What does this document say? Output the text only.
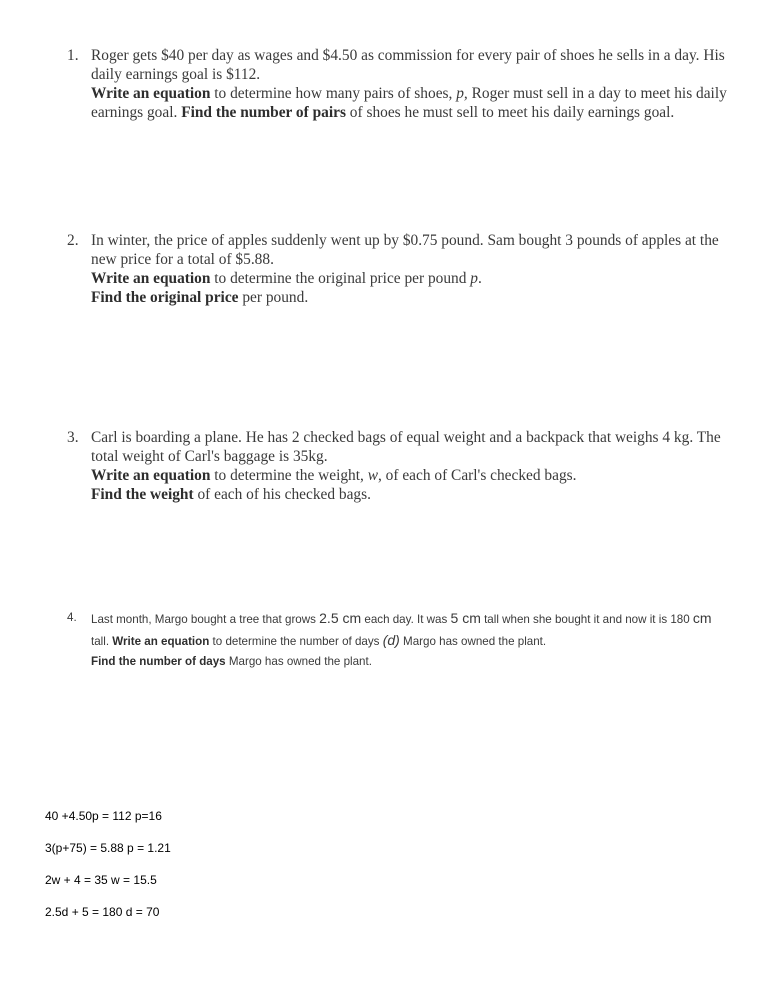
1. Roger gets $40 per day as wages and $4.50 as commission for every pair of shoes he sells in a day. His daily earnings goal is $112.
Write an equation to determine how many pairs of shoes, p, Roger must sell in a day to meet his daily earnings goal. Find the number of pairs of shoes he must sell to meet his daily earnings goal.
2. In winter, the price of apples suddenly went up by $0.75 pound. Sam bought 3 pounds of apples at the new price for a total of $5.88.
Write an equation to determine the original price per pound p.
Find the original price per pound.
3. Carl is boarding a plane. He has 2 checked bags of equal weight and a backpack that weighs 4 kg. The total weight of Carl's baggage is 35kg.
Write an equation to determine the weight, w, of each of Carl's checked bags.
Find the weight of each of his checked bags.
4.	Last month, Margo bought a tree that grows 2.5 cm each day. It was 5 cm tall when she bought it and now it is 180 cm tall. Write an equation to determine the number of days (d) Margo has owned the plant.
Find the number of days Margo has owned the plant.
40 +4.50p = 112 p=16
3(p+75) = 5.88 p = 1.21
2w + 4 = 35 w = 15.5
2.5d + 5 = 180 d = 70
